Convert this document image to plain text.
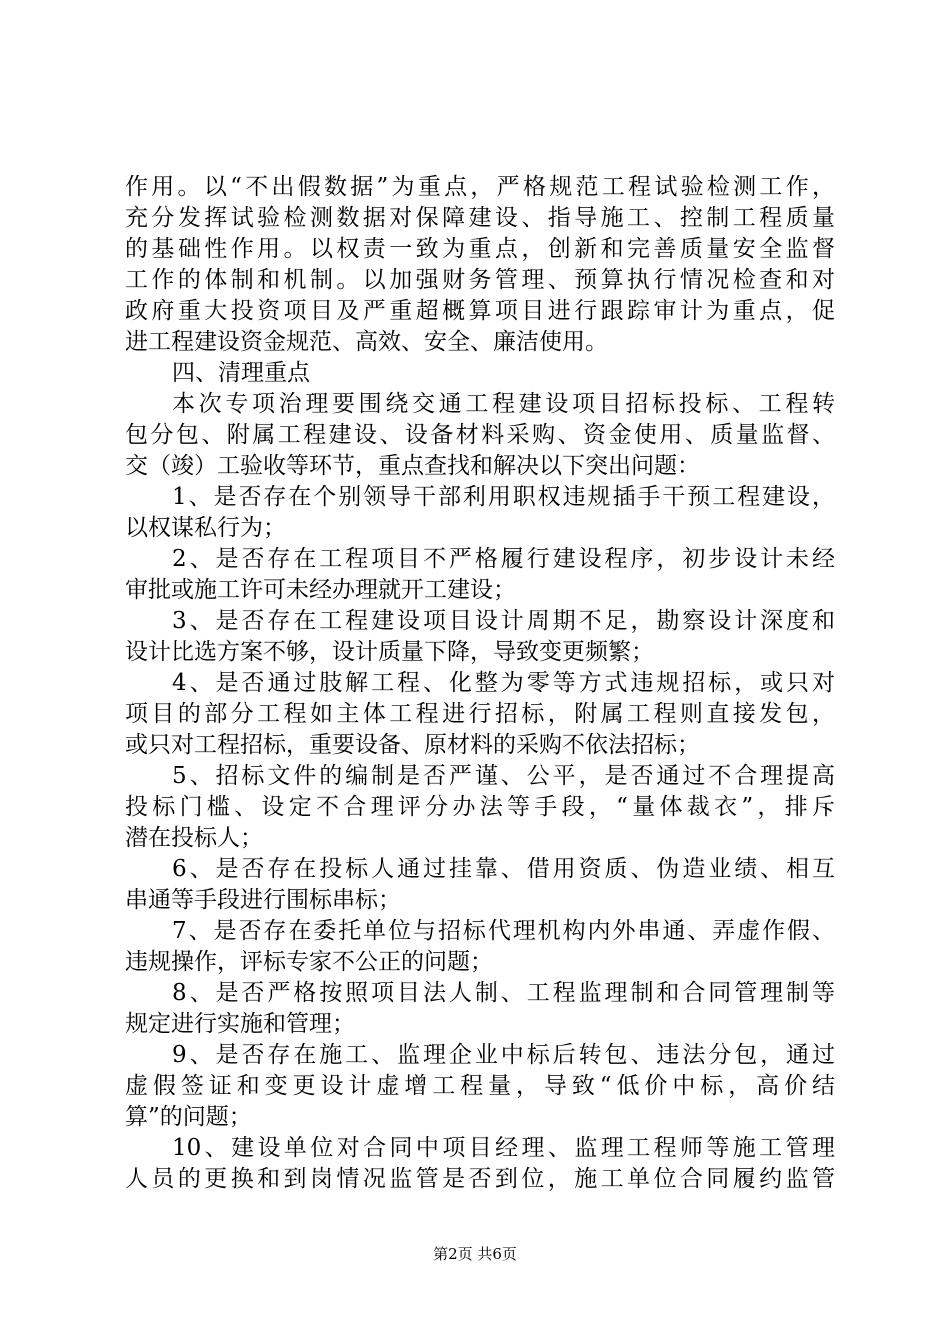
作用。以“不出假数据”为重点，严格规范工程试验检测工作，
充分发挥试验检测数据对保障建设、指导施工、控制工程质量
的基础性作用。以权责一致为重点，创新和完善质量安全监督
工作的体制和机制。以加强财务管理、预算执行情况检查和对
政府重大投资项目及严重超概算项目进行跟踪审计为重点，促
进工程建设资金规范、高效、安全、廉洁使用。
四、清理重点
本次专项治理要围绕交通工程建设项目招标投标、工程转
包分包、附属工程建设、设备材料采购、资金使用、质量监督、
交（竣）工验收等环节，重点查找和解决以下突出问题：
1、是否存在个别领导干部利用职权违规插手干预工程建设，
以权谋私行为；
2、是否存在工程项目不严格履行建设程序，初步设计未经
审批或施工许可未经办理就开工建设；
3、是否存在工程建设项目设计周期不足，勘察设计深度和
设计比选方案不够，设计质量下降，导致变更频繁；
4、是否通过肢解工程、化整为零等方式违规招标，或只对
项目的部分工程如主体工程进行招标，附属工程则直接发包，
或只对工程招标，重要设备、原材料的采购不依法招标；
5、招标文件的编制是否严谨、公平，是否通过不合理提高
投标门槛、设定不合理评分办法等手段，“量体裁衣”，排斥
潜在投标人；
6、是否存在投标人通过挂靠、借用资质、伪造业绩、相互
串通等手段进行围标串标；
7、是否存在委托单位与招标代理机构内外串通、弄虚作假、
违规操作，评标专家不公正的问题；
8、是否严格按照项目法人制、工程监理制和合同管理制等
规定进行实施和管理；
9、是否存在施工、监理企业中标后转包、违法分包，通过
虚假签证和变更设计虚增工程量，导致“低价中标，高价结
算”的问题；
10、建设单位对合同中项目经理、监理工程师等施工管理
人员的更换和到岗情况监管是否到位，施工单位合同履约监管
第2页 共6页
